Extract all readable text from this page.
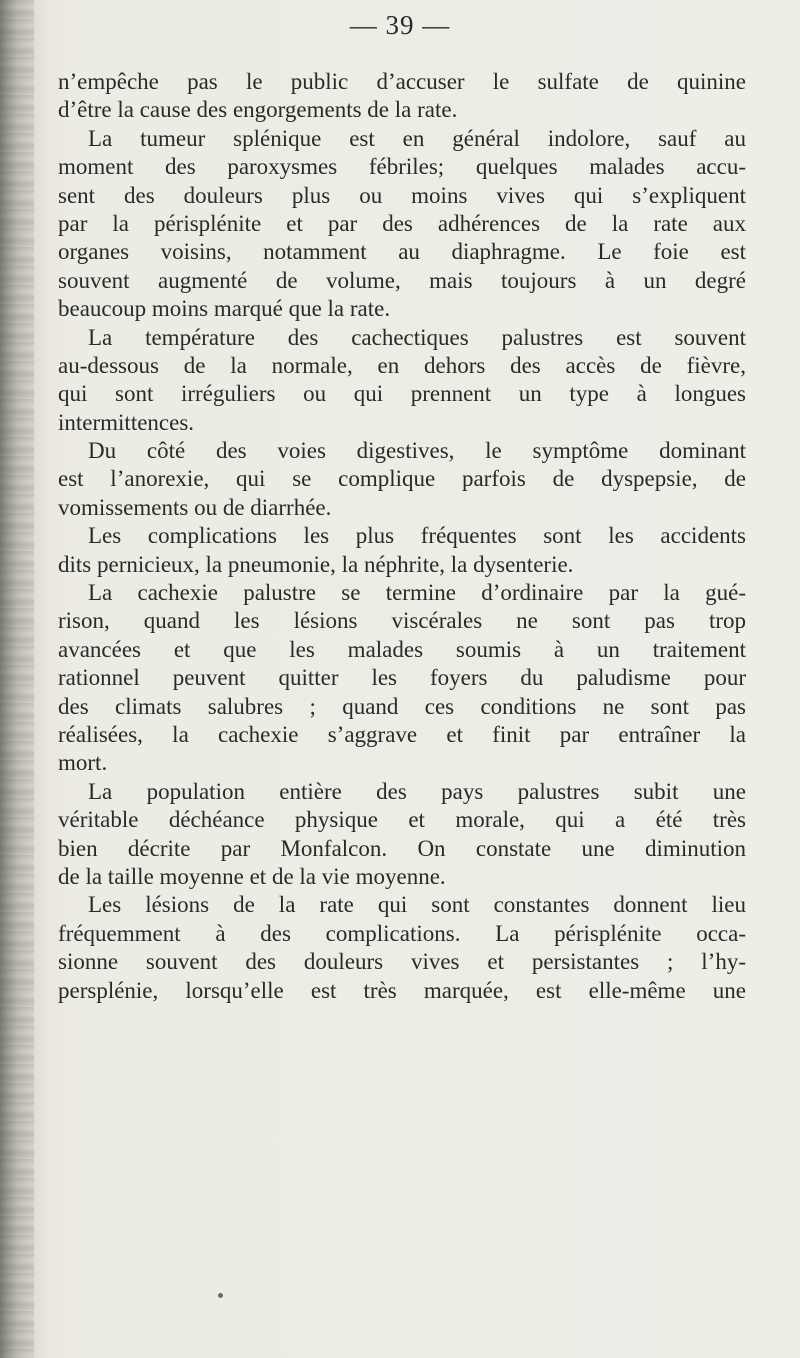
— 39 —
n’empêche pas le public d’accuser le sulfate de quinine
d’être la cause des engorgements de la rate.
La tumeur splénique est en général indolore, sauf au
moment des paroxysmes fébriles; quelques malades accu-
sent des douleurs plus ou moins vives qui s’expliquent
par la périsplénite et par des adhérences de la rate aux
organes voisins, notamment au diaphragme. Le foie est
souvent augmenté de volume, mais toujours à un degré
beaucoup moins marqué que la rate.
La température des cachectiques palustres est souvent
au-dessous de la normale, en dehors des accès de fièvre,
qui sont irréguliers ou qui prennent un type à longues
intermittences.
Du côté des voies digestives, le symptôme dominant
est l’anorexie, qui se complique parfois de dyspepsie, de
vomissements ou de diarrhée.
Les complications les plus fréquentes sont les accidents
dits pernicieux, la pneumonie, la néphrite, la dysenterie.
La cachexie palustre se termine d’ordinaire par la gué-
rison, quand les lésions viscérales ne sont pas trop
avancées et que les malades soumis à un traitement
rationnel peuvent quitter les foyers du paludisme pour
des climats salubres ; quand ces conditions ne sont pas
réalisées, la cachexie s’aggrave et finit par entraîner la
mort.
La population entière des pays palustres subit une
véritable déchéance physique et morale, qui a été très
bien décrite par Monfalcon. On constate une diminution
de la taille moyenne et de la vie moyenne.
Les lésions de la rate qui sont constantes donnent lieu
fréquemment à des complications. La périsplénite occa-
sionne souvent des douleurs vives et persistantes ; l’hy-
persplénie, lorsqu’elle est très marquée, est elle-même une
